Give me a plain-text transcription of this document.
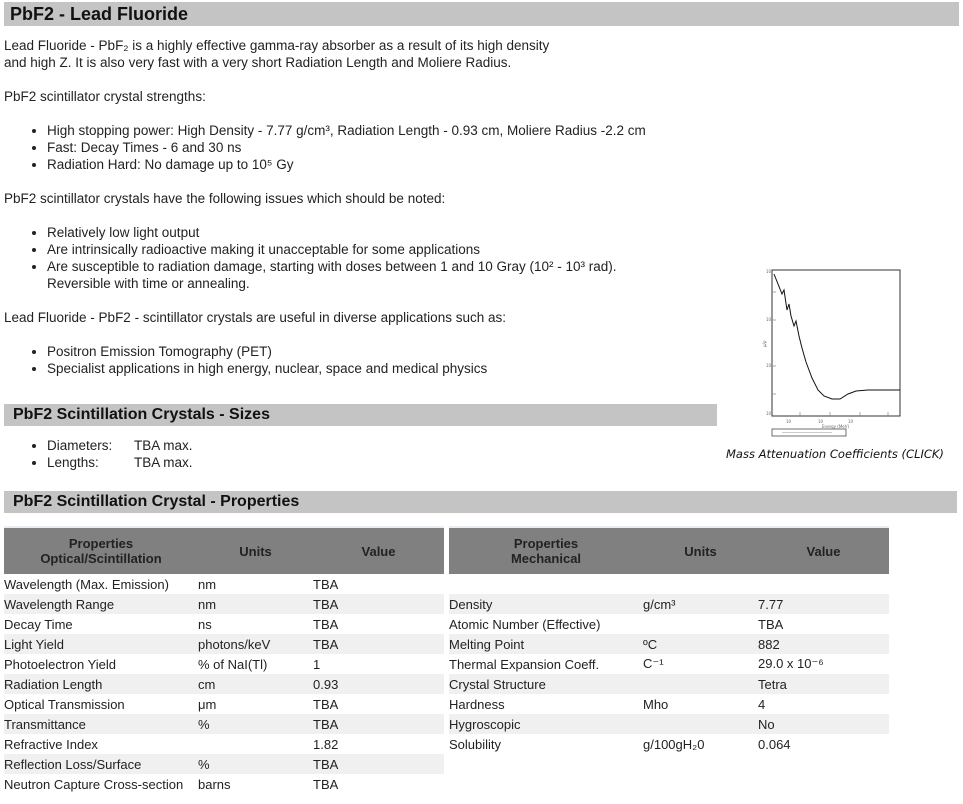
PbF2 - Lead Fluoride

Lead Fluoride - PbF₂ is a highly effective gamma-ray absorber as a result of its high density

and high Z. It is also very fast with a very short Radiation Length and Moliere Radius.

PbF2 scintillator crystal strengths:

• High stopping power: High Density - 7.77 g/cm³, Radiation Length - 0.93 cm, Moliere Radius -2.2 cm
• Fast: Decay Times - 6 and 30 ns
• Radiation Hard: No damage up to 10⁵ Gy

PbF2 scintillator crystals have the following issues which should be noted:

• Relatively low light output
• Are intrinsically radioactive making it unacceptable for some applications
• Are susceptible to radiation damage, starting with doses between 1 and 10 Gray (10² - 10³ rad).
Reversible with time or annealing.

Lead Fluoride - PbF2 - scintillator crystals are useful in diverse applications such as:

• Positron Emission Tomography (PET)
• Specialist applications in high energy, nuclear, space and medical physics
PbF2 Scintillation Crystals - Sizes
• Diameters: TBA max.
• Lengths:	TBA max.
10
10
10
10
10	10	10
Energy (MeV)
μ/ρ
Mass Attenuation Coefficients (CLICK)
PbF2 Scintillation Crystal - Properties
Properties
Optical/Scintillation	Units	Value
Wavelength (Max. Emission)	nm	TBA
Wavelength Range	nm	TBA
Decay Time	ns	TBA
Light Yield	photons/keV	TBA
Photoelectron Yield	% of NaI(Tl)	1
Radiation Length	cm	0.93
Optical Transmission	μm	TBA
Transmittance	%	TBA
Refractive Index		1.82
Reflection Loss/Surface	%	TBA
Neutron Capture Cross-section	barns	TBA
Properties
Mechanical	Units	Value

Density	g/cm³	7.77
Atomic Number (Effective)		TBA
Melting Point	ºC	882
Thermal Expansion Coeff.	C⁻¹	29.0 x 10⁻⁶
Crystal Structure		Tetra
Hardness	Mho	4
Hygroscopic		No
Solubility	g/100gH₂0	0.064
